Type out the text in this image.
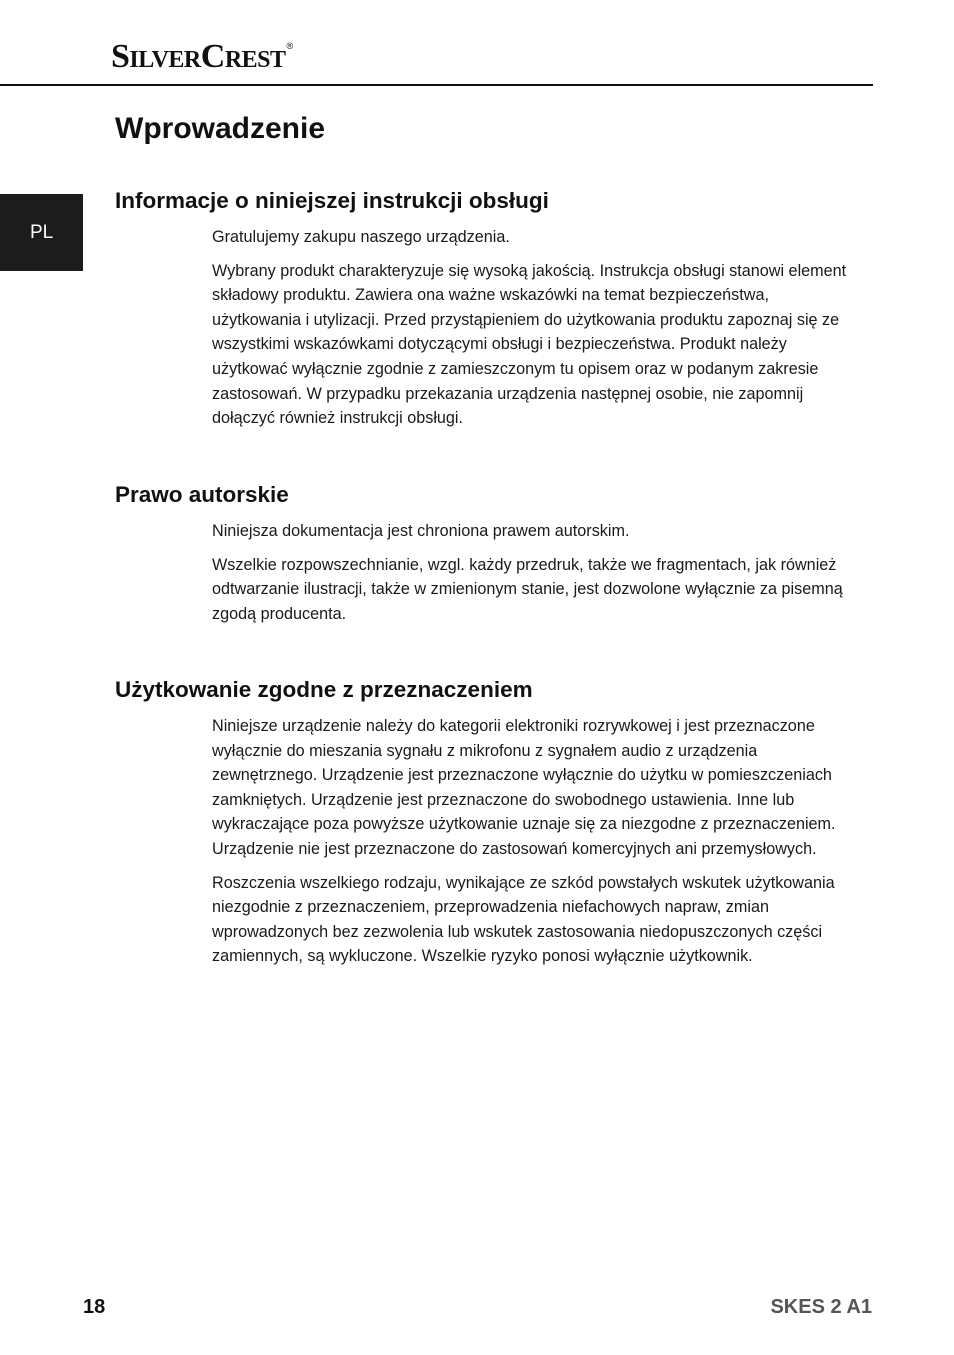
SILVERCREST®
PL
Wprowadzenie
Informacje o niniejszej instrukcji obsługi

Gratulujemy zakupu naszego urządzenia.

Wybrany produkt charakteryzuje się wysoką jakością. Instrukcja obsługi stanowi element składowy produktu. Zawiera ona ważne wskazówki na temat bezpieczeństwa, użytkowania i utylizacji. Przed przystąpieniem do użytkowania produktu zapoznaj się ze wszystkimi wskazówkami dotyczącymi obsługi i bezpieczeństwa. Produkt należy użytkować wyłącznie zgodnie z zamieszczonym tu opisem oraz w podanym zakresie zastosowań. W przypadku przekazania urządzenia następnej osobie, nie zapomnij dołączyć również instrukcji obsługi.

Prawo autorskie

Niniejsza dokumentacja jest chroniona prawem autorskim.

Wszelkie rozpowszechnianie, wzgl. każdy przedruk, także we fragmentach, jak również odtwarzanie ilustracji, także w zmienionym stanie, jest dozwolone wyłącznie za pisemną zgodą producenta.

Użytkowanie zgodne z przeznaczeniem

Niniejsze urządzenie należy do kategorii elektroniki rozrywkowej i jest przeznaczone wyłącznie do mieszania sygnału z mikrofonu z sygnałem audio z urządzenia zewnętrznego. Urządzenie jest przeznaczone wyłącznie do użytku w pomieszczeniach zamkniętych. Urządzenie jest przeznaczone do swobodnego ustawienia. Inne lub wykraczające poza powyższe użytkowanie uznaje się za niezgodne z przeznaczeniem. Urządzenie nie jest przeznaczone do zastosowań komercyjnych ani przemysłowych.

Roszczenia wszelkiego rodzaju, wynikające ze szkód powstałych wskutek użytkowania niezgodnie z przeznaczeniem, przeprowadzenia niefachowych napraw, zmian wprowadzonych bez zezwolenia lub wskutek zastosowania niedopuszczonych części zamiennych, są wykluczone. Wszelkie ryzyko ponosi wyłącznie użytkownik.

18	SKES 2 A1
